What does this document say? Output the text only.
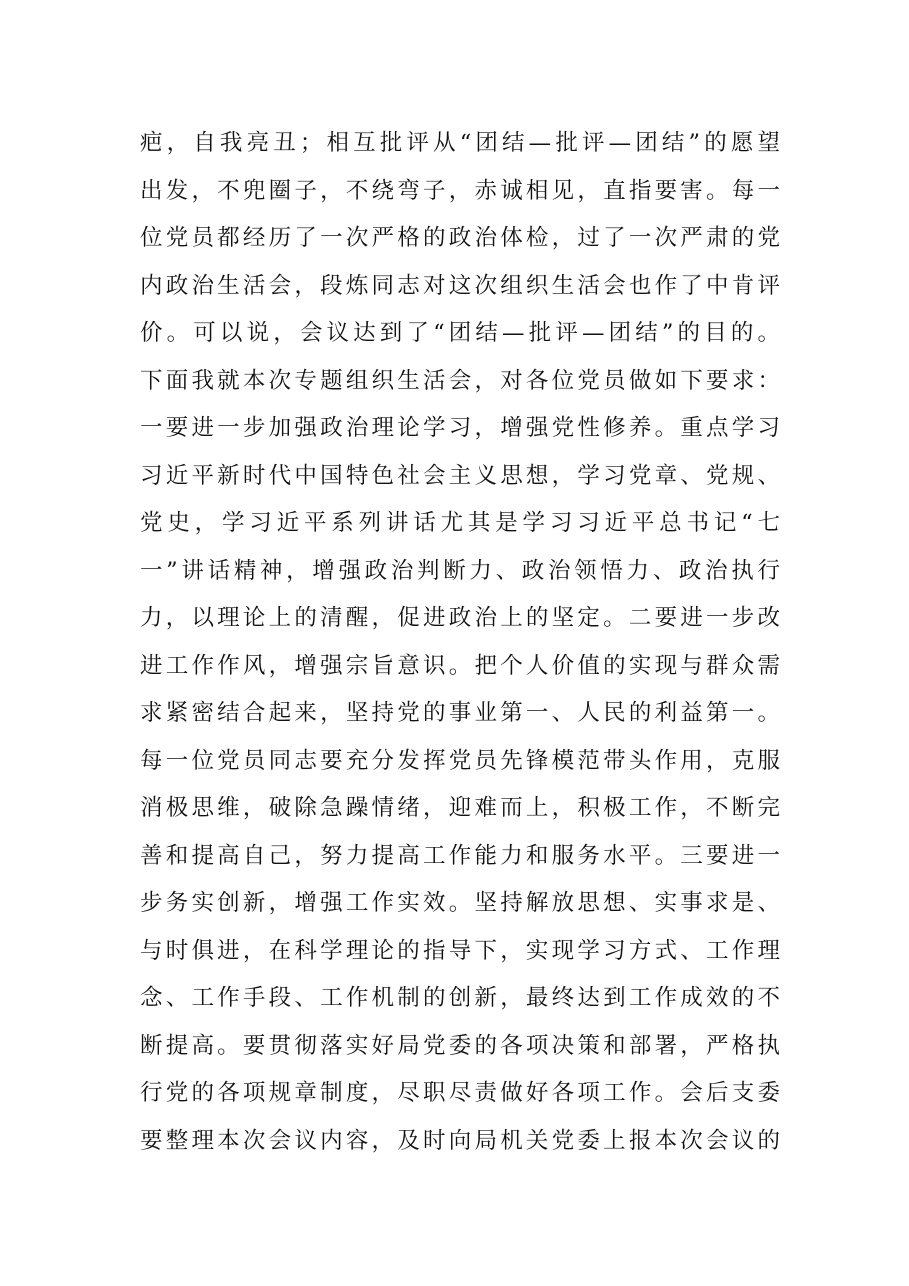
疤，自我亮丑；相互批评从“团结—批评—团结”的愿望
出发，不兜圈子，不绕弯子，赤诚相见，直指要害。每一
位党员都经历了一次严格的政治体检，过了一次严肃的党
内政治生活会，段炼同志对这次组织生活会也作了中肯评
价。可以说，会议达到了“团结—批评—团结”的目的。
下面我就本次专题组织生活会，对各位党员做如下要求：
一要进一步加强政治理论学习，增强党性修养。重点学习
习近平新时代中国特色社会主义思想，学习党章、党规、
党史，学习近平系列讲话尤其是学习习近平总书记“七
一”讲话精神，增强政治判断力、政治领悟力、政治执行
力，以理论上的清醒，促进政治上的坚定。二要进一步改
进工作作风，增强宗旨意识。把个人价值的实现与群众需
求紧密结合起来，坚持党的事业第一、人民的利益第一。
每一位党员同志要充分发挥党员先锋模范带头作用，克服
消极思维，破除急躁情绪，迎难而上，积极工作，不断完
善和提高自己，努力提高工作能力和服务水平。三要进一
步务实创新，增强工作实效。坚持解放思想、实事求是、
与时俱进，在科学理论的指导下，实现学习方式、工作理
念、工作手段、工作机制的创新，最终达到工作成效的不
断提高。要贯彻落实好局党委的各项决策和部署，严格执
行党的各项规章制度，尽职尽责做好各项工作。会后支委
要整理本次会议内容，及时向局机关党委上报本次会议的
